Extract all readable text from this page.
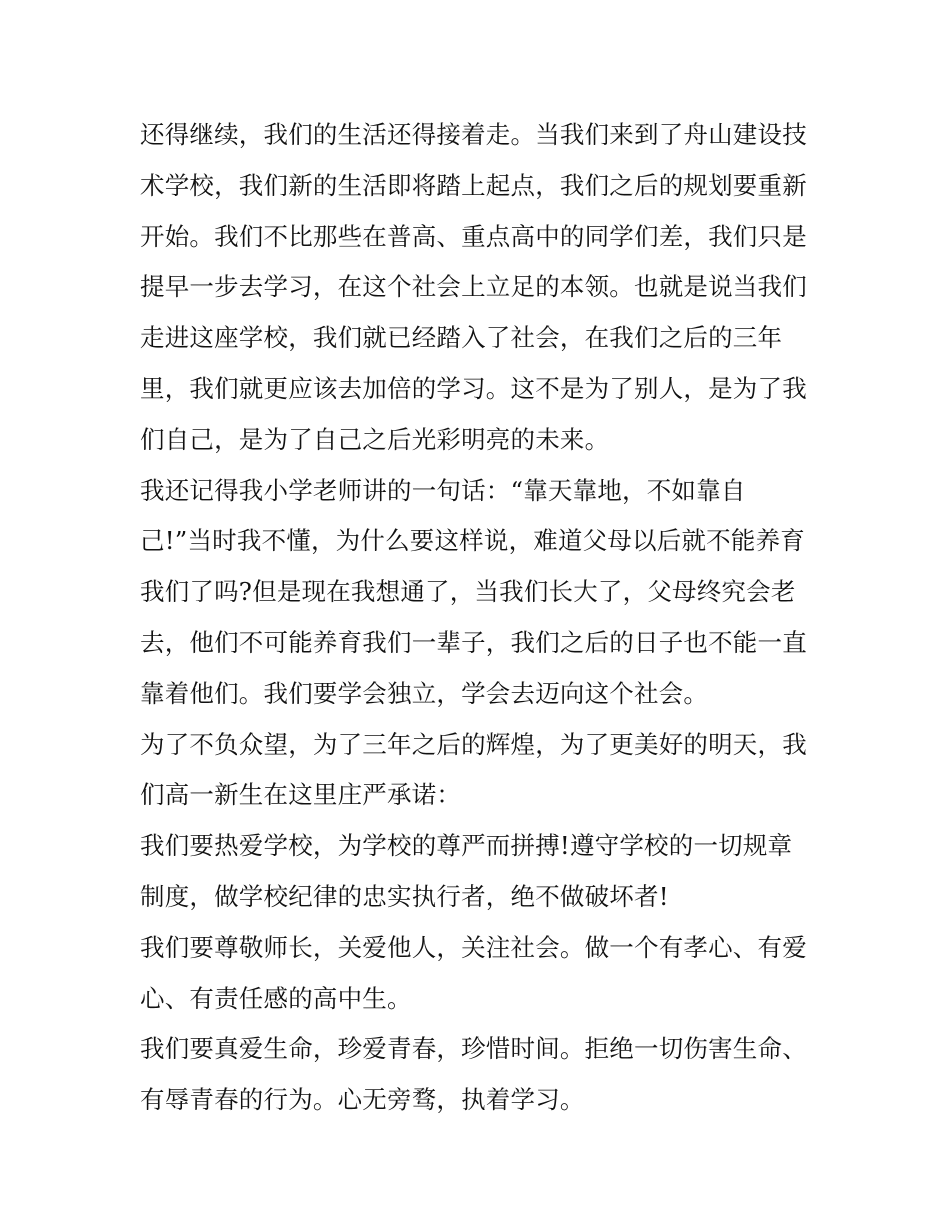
还得继续，我们的生活还得接着走。当我们来到了舟山建设技
术学校，我们新的生活即将踏上起点，我们之后的规划要重新
开始。我们不比那些在普高、重点高中的同学们差，我们只是
提早一步去学习，在这个社会上立足的本领。也就是说当我们
走进这座学校，我们就已经踏入了社会，在我们之后的三年
里，我们就更应该去加倍的学习。这不是为了别人，是为了我
们自己，是为了自己之后光彩明亮的未来。
我还记得我小学老师讲的一句话：“靠天靠地，不如靠自
己!”当时我不懂，为什么要这样说，难道父母以后就不能养育
我们了吗?但是现在我想通了，当我们长大了，父母终究会老
去，他们不可能养育我们一辈子，我们之后的日子也不能一直
靠着他们。我们要学会独立，学会去迈向这个社会。
为了不负众望，为了三年之后的辉煌，为了更美好的明天，我
们高一新生在这里庄严承诺：
我们要热爱学校，为学校的尊严而拼搏!遵守学校的一切规章
制度，做学校纪律的忠实执行者，绝不做破坏者!
我们要尊敬师长，关爱他人，关注社会。做一个有孝心、有爱
心、有责任感的高中生。
我们要真爱生命，珍爱青春，珍惜时间。拒绝一切伤害生命、
有辱青春的行为。心无旁骛，执着学习。
